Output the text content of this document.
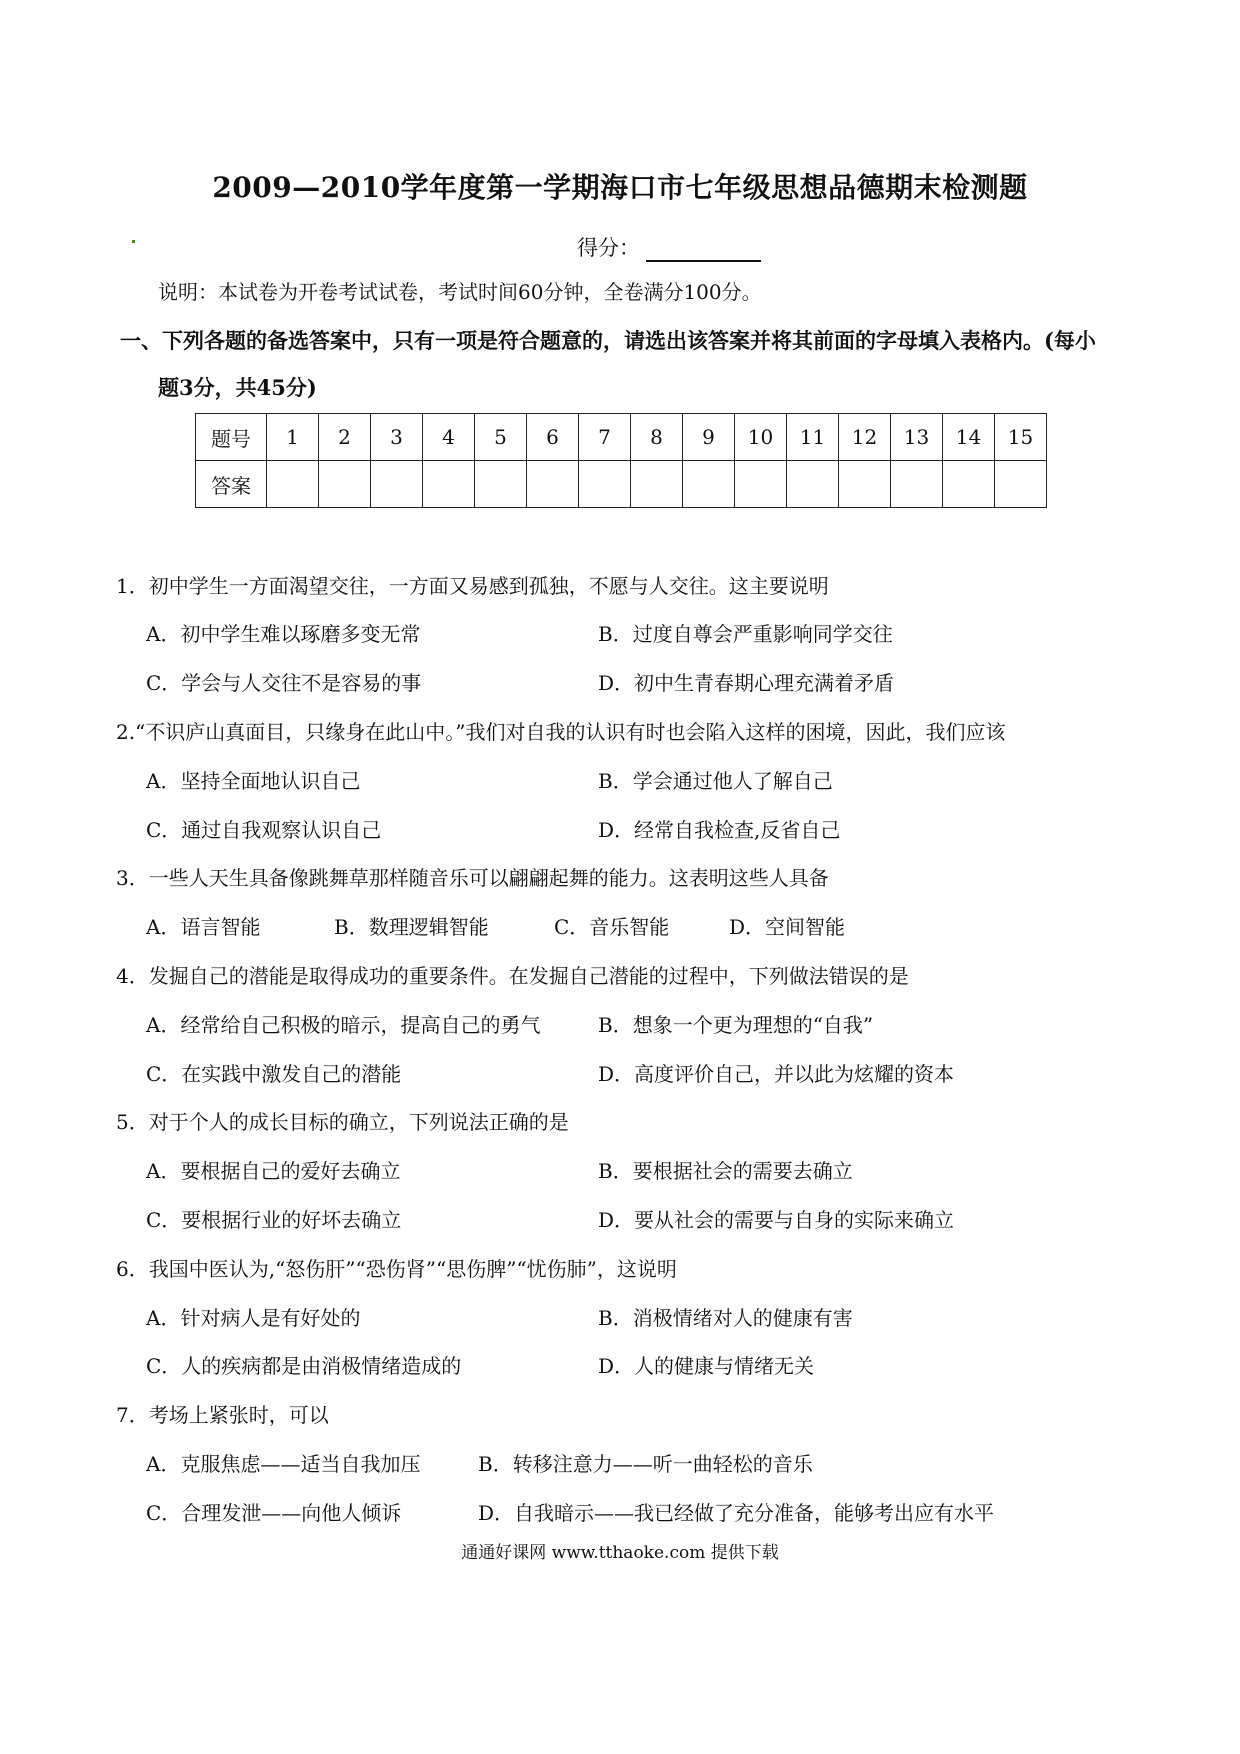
2009—2010学年度第一学期海口市七年级思想品德期末检测题
得分：
说明：本试卷为开卷考试试卷，考试时间60分钟，全卷满分100分。
一、下列各题的备选答案中，只有一项是符合题意的，请选出该答案并将其前面的字母填入表格内。(每小
题3分，共45分)
题号	1	2	3	4	5	6	7	8	9	10	11	12	13	14	15
答案															
1．初中学生一方面渴望交往，一方面又易感到孤独，不愿与人交往。这主要说明
A．初中学生难以琢磨多变无常	B．过度自尊会严重影响同学交往
C．学会与人交往不是容易的事	D．初中生青春期心理充满着矛盾
2.“不识庐山真面目，只缘身在此山中。”我们对自我的认识有时也会陷入这样的困境，因此，我们应该
A．坚持全面地认识自己	B．学会通过他人了解自己
C．通过自我观察认识自己	D．经常自我检查,反省自己
3．一些人天生具备像跳舞草那样随音乐可以翩翩起舞的能力。这表明这些人具备
A．语言智能	B．数理逻辑智能	C．音乐智能	D．空间智能
4．发掘自己的潜能是取得成功的重要条件。在发掘自己潜能的过程中，下列做法错误的是
A．经常给自己积极的暗示，提高自己的勇气	B．想象一个更为理想的“自我”
C．在实践中激发自己的潜能	D．高度评价自己，并以此为炫耀的资本
5．对于个人的成长目标的确立，下列说法正确的是
A．要根据自己的爱好去确立	B．要根据社会的需要去确立
C．要根据行业的好坏去确立	D．要从社会的需要与自身的实际来确立
6．我国中医认为,“怒伤肝”“恐伤肾”“思伤脾”“忧伤肺”，这说明
A．针对病人是有好处的	B．消极情绪对人的健康有害
C．人的疾病都是由消极情绪造成的	D．人的健康与情绪无关
7．考场上紧张时，可以
A．克服焦虑——适当自我加压	B．转移注意力——听一曲轻松的音乐
C．合理发泄——向他人倾诉	D．自我暗示——我已经做了充分准备，能够考出应有水平
通通好课网 www.tthaoke.com 提供下载
